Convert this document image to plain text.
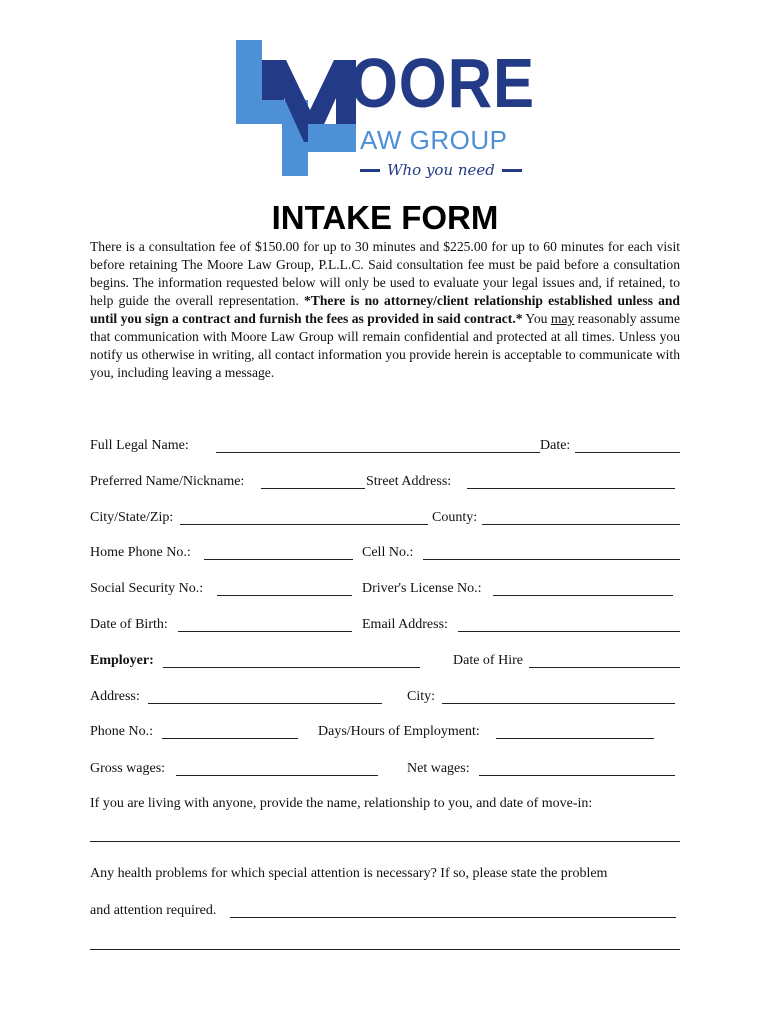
OORE
AW GROUP
Who you need
INTAKE FORM

There is a consultation fee of $150.00 for up to 30 minutes and $225.00 for up to 60 minutes for each visit before retaining The Moore Law Group, P.L.L.C. Said consultation fee must be paid before a consultation begins. The information requested below will only be used to evaluate your legal issues and, if retained, to help guide the overall representation. *There is no attorney/client relationship established unless and until you sign a contract and furnish the fees as provided in said contract.* You may reasonably assume that communication with Moore Law Group will remain confidential and protected at all times. Unless you notify us otherwise in writing, all contact information you provide herein is acceptable to communicate with you, including leaving a message.

Full Legal Name:	Date:
Preferred Name/Nickname:	Street Address:
City/State/Zip:	County:
Home Phone No.:	Cell No.:
Social Security No.:	Driver's License No.:
Date of Birth:	Email Address:
Employer:	Date of Hire
Address:	City:
Phone No.:	Days/Hours of Employment:
Gross wages:	Net wages:
If you are living with anyone, provide the name, relationship to you, and date of move-in:
Any health problems for which special attention is necessary? If so, please state the problem
and attention required.
